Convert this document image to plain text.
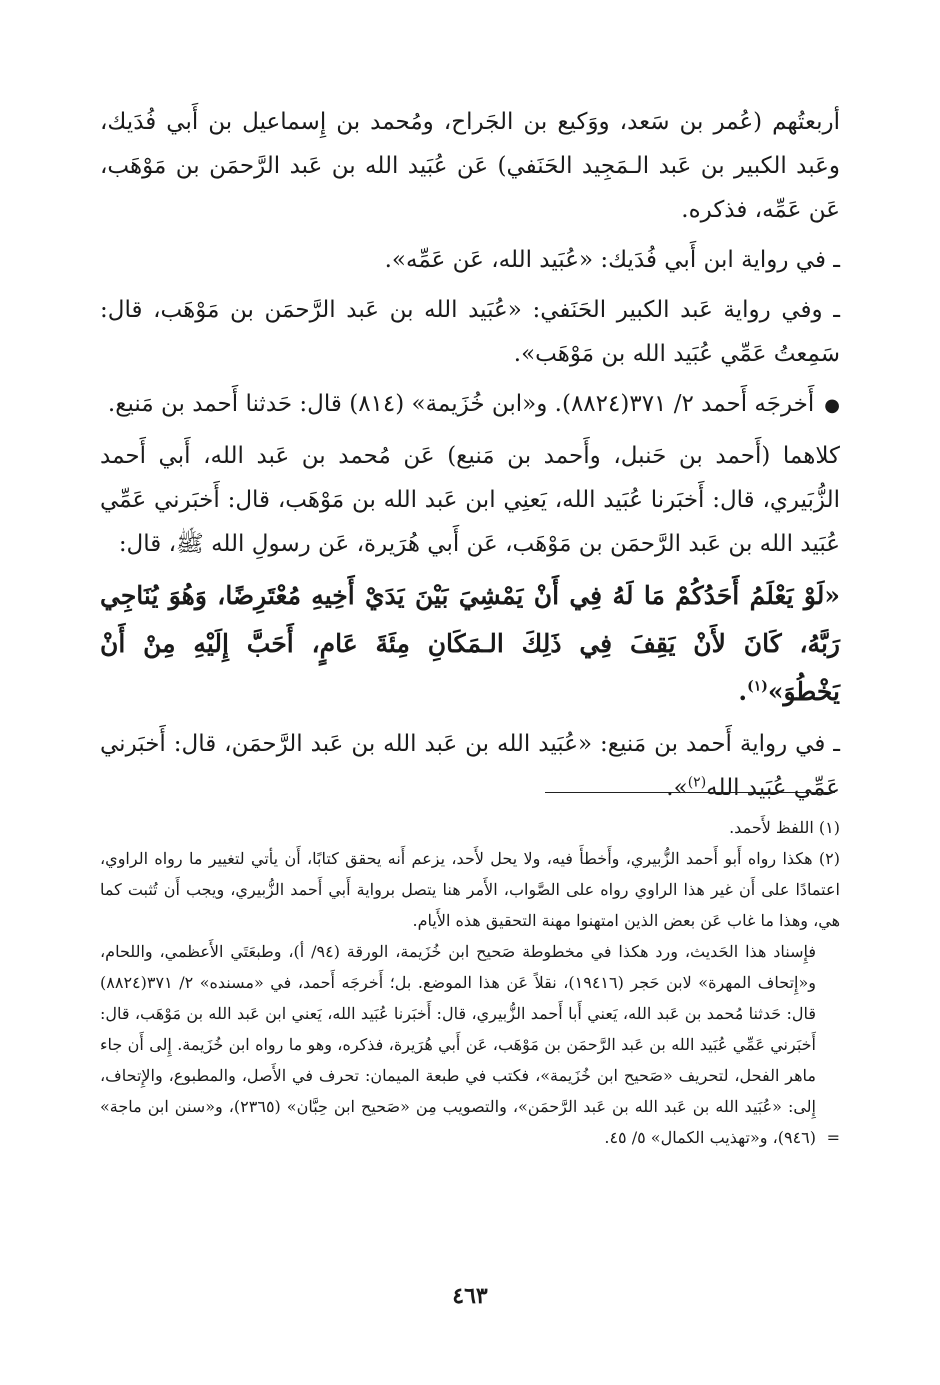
أربعتُهم (عُمر بن سَعد، ووَكيع بن الجَراح، ومُحمد بن إِسماعيل بن أَبي فُدَيك، وعَبد الكبير بن عَبد الـمَجِيد الحَنَفي) عَن عُبَيد الله بن عَبد الرَّحمَن بن مَوْهَب، عَن عَمِّه، فذكره.

ـ في رواية ابن أَبي فُدَيك: «عُبَيد الله، عَن عَمِّه».

ـ وفي رواية عَبد الكبير الحَنَفي: «عُبَيد الله بن عَبد الرَّحمَن بن مَوْهَب، قال: سَمِعتُ عَمِّي عُبَيد الله بن مَوْهَب».

●أَخرجَه أَحمد ٢/ ٣٧١(٨٨٢٤). و«ابن خُزَيمة» (٨١٤) قال: حَدثنا أَحمد بن مَنيع.

كلاهما (أَحمد بن حَنبل، وأَحمد بن مَنيع) عَن مُحمد بن عَبد الله، أَبي أَحمد الزُّبَيري، قال: أَخبَرنا عُبَيد الله، يَعنِي ابن عَبد الله بن مَوْهَب، قال: أَخبَرني عَمِّي عُبَيد الله بن عَبد الرَّحمَن بن مَوْهَب، عَن أَبي هُرَيرة، عَن رسولِ الله ﷺ، قال:

«لَوْ يَعْلَمُ أَحَدُكُمْ مَا لَهُ فِي أَنْ يَمْشِيَ بَيْنَ يَدَيْ أَخِيهِ مُعْتَرِضًا، وَهُوَ يُنَاجِي رَبَّهُ، كَانَ لأَنْ يَقِفَ فِي ذَلِكَ الـمَكَانِ مِئَةَ عَامٍ، أَحَبَّ إِلَيْهِ مِنْ أَنْ يَخْطُوَ»$^{(١)}$.

ـ في رواية أَحمد بن مَنيع: «عُبَيد الله بن عَبد الله بن عَبد الرَّحمَن، قال: أَخبَرني عَمِّي عُبَيد الله$^{(٢)}$».

(١) اللفظ لأَحمد.

(٢) هكذا رواه أَبو أَحمد الزُّبيري، وأَخطأَ فيه، ولا يحل لأَحد، يزعم أَنه يحقق كتابًا، أَن يأتي لتغيير ما رواه الراوي، اعتمادًا على أَن غير هذا الراوي رواه على الصَّواب، الأَمر هنا يتصل برواية أَبي أَحمد الزُّبيري، ويجب أَن تُثبت كما هي، وهذا ما غاب عَن بعض الذين امتهنوا مهنة التحقيق هذه الأَيام.

فإِسناد هذا الحَديث، ورد هكذا في مخطوطة صَحيح ابن خُزَيمة، الورقة (٩٤/ أ)، وطبعَتَي الأَعظمي، واللحام، و«إِتحاف المهرة» لابن حَجر (١٩٤١٦)، نقلاً عَن هذا الموضع. بل؛ أَخرجَه أَحمد، في «مسنده» ٢/ ٣٧١(٨٨٢٤) قال: حَدثنا مُحمد بن عَبد الله، يَعني أَبا أَحمد الزُّبيري، قال: أَخبَرنا عُبَيد الله، يَعني ابن عَبد الله بن مَوْهَب، قال: أَخبَرني عَمِّي عُبَيد الله بن عَبد الرَّحمَن بن مَوْهَب، عَن أَبي هُرَيرة، فذكره، وهو ما رواه ابن خُزَيمة. إِلى أَن جاء ماهر الفحل، لتحريف «صَحيح ابن خُزَيمة»، فكتب في طبعة الميمان: تحرف في الأَصل، والمطبوع، والإِتحاف، إِلى: «عُبَيد الله بن عَبد الله بن عَبد الرَّحمَن»، والتصويب مِن «صَحيح ابن حِبَّان» (٢٣٦٥)، و«سنن ابن ماجة» (٩٤٦)، و«تهذيب الكمال» ٥/ ٤٥. =
٤٦٣
